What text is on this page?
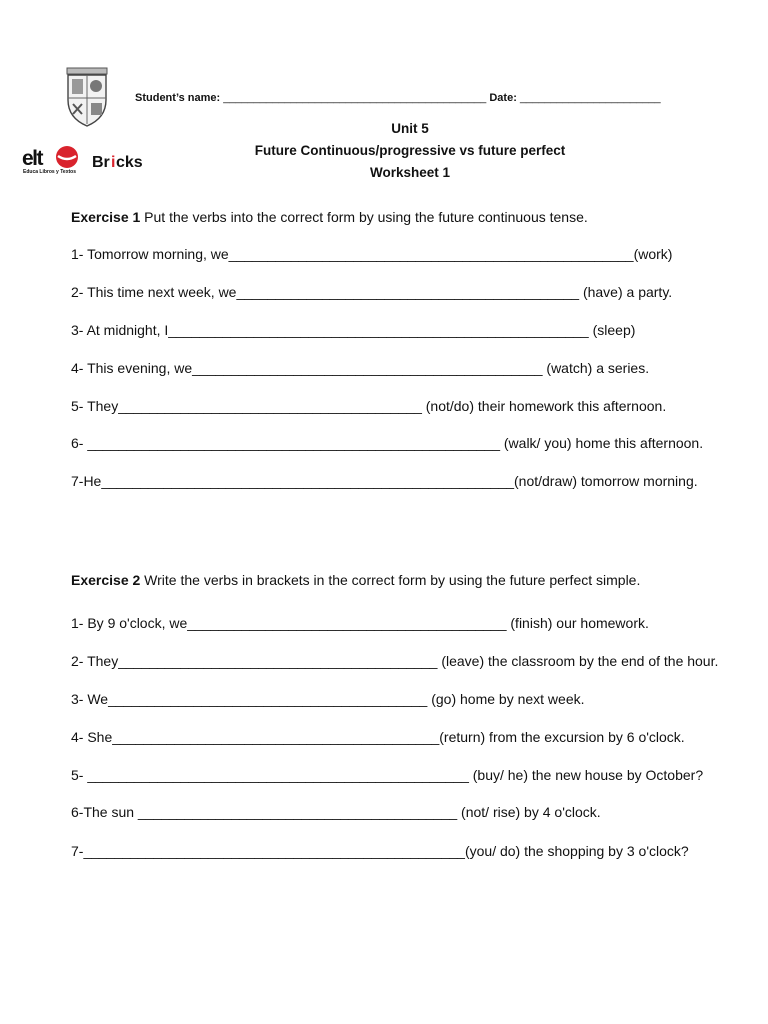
Student’s name: ___________________________________________ Date: _______________________
elt
Educa Libros y Textos
Br i cks
Unit 5
Future Continuous/progressive vs future perfect
Worksheet 1
Exercise 1 Put the verbs into the correct form by using the future continuous tense.
1- Tomorrow morning, we____________________________________________________(work)
2- This time next week, we____________________________________________ (have) a party.
3- At midnight, I______________________________________________________ (sleep)
4- This evening, we_____________________________________________ (watch) a series.
5- They_______________________________________ (not/do) their homework this afternoon.
6- _____________________________________________________ (walk/ you) home this afternoon.
7-He_____________________________________________________(not/draw) tomorrow morning.
Exercise 2 Write the verbs in brackets in the correct form by using the future perfect simple.
1- By 9 o'clock, we_________________________________________ (finish) our homework.
2- They_________________________________________ (leave) the classroom by the end of the hour.
3- We_________________________________________ (go) home by next week.
4- She__________________________________________(return) from the excursion by 6 o'clock.
5- _________________________________________________ (buy/ he) the new house by October?
6-The sun _________________________________________ (not/ rise) by 4 o'clock.
7-_________________________________________________(you/ do) the shopping by 3 o'clock?
